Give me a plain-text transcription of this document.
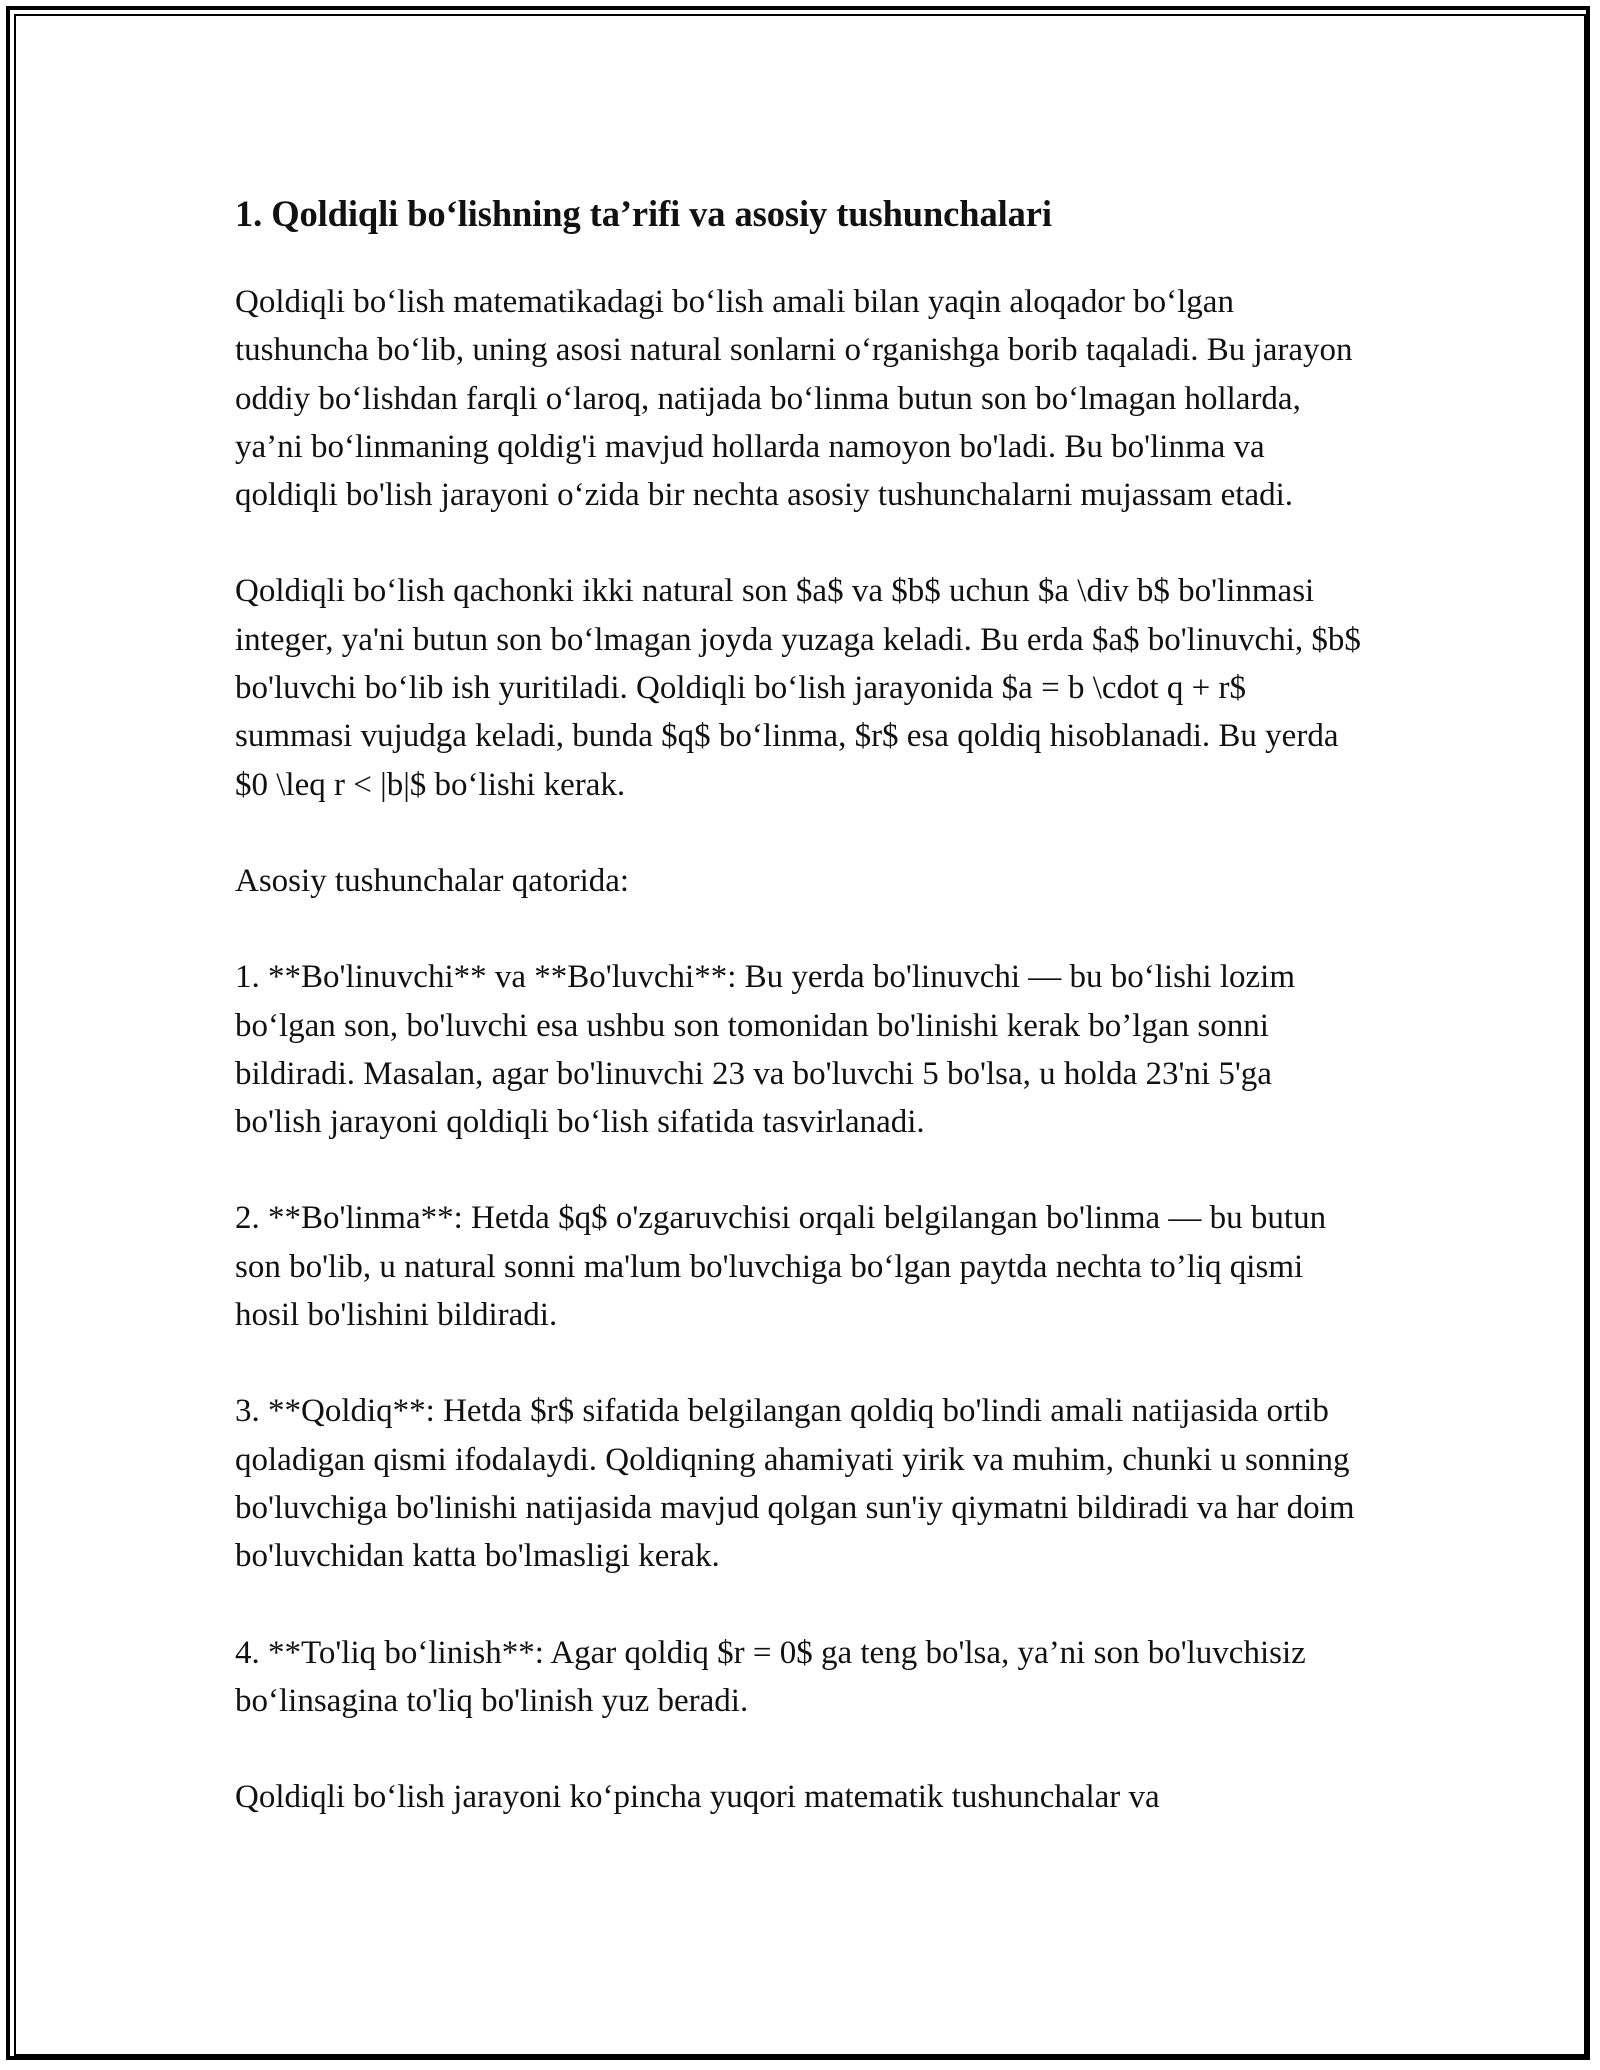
1. Qoldiqli bo‘lishning ta’rifi va asosiy tushunchalari

Qoldiqli bo‘lish matematikadagi bo‘lish amali bilan yaqin aloqador bo‘lgan tushuncha bo‘lib, uning asosi natural sonlarni o‘rganishga borib taqaladi. Bu jarayon oddiy bo‘lishdan farqli o‘laroq, natijada bo‘linma butun son bo‘lmagan hollarda, ya’ni bo‘linmaning qoldig'i mavjud hollarda namoyon bo'ladi. Bu bo'linma va qoldiqli bo'lish jarayoni o‘zida bir nechta asosiy tushunchalarni mujassam etadi.

Qoldiqli bo‘lish qachonki ikki natural son $a$ va $b$ uchun $a \div b$ bo'linmasi integer, ya'ni butun son bo‘lmagan joyda yuzaga keladi. Bu erda $a$ bo'linuvchi, $b$ bo'luvchi bo‘lib ish yuritiladi. Qoldiqli bo‘lish jarayonida $a = b \cdot q + r$ summasi vujudga keladi, bunda $q$ bo‘linma, $r$ esa qoldiq hisoblanadi. Bu yerda $0 \leq r < |b|$ bo‘lishi kerak.

Asosiy tushunchalar qatorida:

1. **Bo'linuvchi** va **Bo'luvchi**: Bu yerda bo'linuvchi — bu bo‘lishi lozim bo‘lgan son, bo'luvchi esa ushbu son tomonidan bo'linishi kerak bo’lgan sonni bildiradi. Masalan, agar bo'linuvchi 23 va bo'luvchi 5 bo'lsa, u holda 23'ni 5'ga bo'lish jarayoni qoldiqli bo‘lish sifatida tasvirlanadi.

2. **Bo'linma**: Hetda $q$ o'zgaruvchisi orqali belgilangan bo'linma — bu butun son bo'lib, u natural sonni ma'lum bo'luvchiga bo‘lgan paytda nechta to’liq qismi hosil bo'lishini bildiradi.

3. **Qoldiq**: Hetda $r$ sifatida belgilangan qoldiq bo'lindi amali natijasida ortib qoladigan qismi ifodalaydi. Qoldiqning ahamiyati yirik va muhim, chunki u sonning bo'luvchiga bo'linishi natijasida mavjud qolgan sun'iy qiymatni bildiradi va har doim bo'luvchidan katta bo'lmasligi kerak.

4. **To'liq bo‘linish**: Agar qoldiq $r = 0$ ga teng bo'lsa, ya’ni son bo'luvchisiz bo‘linsagina to'liq bo'linish yuz beradi.

Qoldiqli bo‘lish jarayoni ko‘pincha yuqori matematik tushunchalar va
